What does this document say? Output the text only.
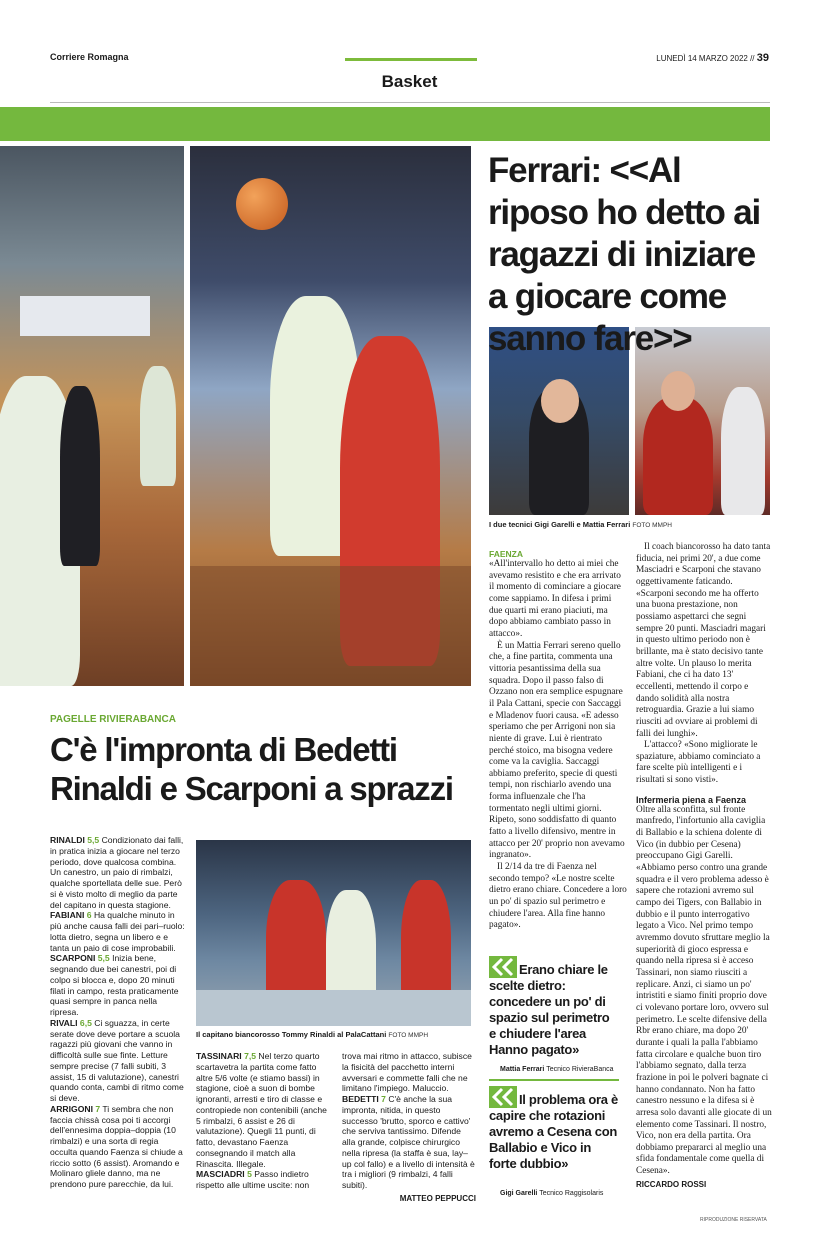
Corriere Romagna	LUNEDÌ 14 MARZO 2022 // 39
Basket
I due tecnici Gigi Garelli e Mattia Ferrari FOTO MMPH
Il capitano biancorosso Tommy Rinaldi al PalaCattani FOTO MMPH
Ferrari: <<Al riposo ho detto ai ragazzi di iniziare a giocare come sanno fare>>
FAENZA

«All'intervallo ho detto ai miei che avevamo resistito e che era arrivato il momento di cominciare a giocare come sappiamo. In difesa i primi due quarti mi erano piaciuti, ma dopo abbiamo cambiato passo in attacco».

È un Mattia Ferrari sereno quello che, a fine partita, commenta una vittoria pesantissima della sua squadra. Dopo il passo falso di Ozzano non era semplice espugnare il Pala Cattani, specie con Saccaggi e Mladenov fuori causa. «E adesso speriamo che per Arrigoni non sia niente di grave. Lui è rientrato perché stoico, ma bisogna vedere come va la caviglia. Saccaggi abbiamo preferito, specie di questi tempi, non rischiarlo avendo una forma influenzale che l'ha tormentato negli ultimi giorni. Ripeto, sono soddisfatto di quanto fatto a livello difensivo, mentre in attacco per 20' proprio non avevamo ingranato».

Il 2/14 da tre di Faenza nel secondo tempo? «Le nostre scelte dietro erano chiare. Concedere a loro un po' di spazio sul perimetro e chiudere l'area. Alla fine hanno pagato».

Erano chiare le scelte dietro: concedere un po' di spazio sul perimetro e chiudere l'area Hanno pagato»
Mattia Ferrari Tecnico RivieraBanca
Il problema ora è capire che rotazioni avremo a Cesena con Ballabio e Vico in forte dubbio»
Gigi Garelli Tecnico Raggisolaris

Il coach biancorosso ha dato tanta fiducia, nei primi 20', a due come Masciadri e Scarponi che stavano oggettivamente faticando. «Scarponi secondo me ha offerto una buona prestazione, non possiamo aspettarci che segni sempre 20 punti. Masciadri magari in questo ultimo periodo non è brillante, ma è stato decisivo tante altre volte. Un plauso lo merita Fabiani, che ci ha dato 13' eccellenti, mettendo il corpo e dando solidità alla nostra retroguardia. Grazie a lui siamo riusciti ad ovviare ai problemi di falli dei lunghi».

L'attacco? «Sono migliorate le spaziature, abbiamo cominciato a fare scelte più intelligenti e i risultati si sono visti».

Infermeria piena a Faenza

Oltre alla sconfitta, sul fronte manfredo, l'infortunio alla caviglia di Ballabio e la schiena dolente di Vico (in dubbio per Cesena) preoccupano Gigi Garelli. «Abbiamo perso contro una grande squadra e il vero problema adesso è sapere che rotazioni avremo sul campo dei Tigers, con Ballabio in dubbio e il punto interrogativo legato a Vico. Nel primo tempo avremmo dovuto sfruttare meglio la superiorità di gioco espressa e quando nella ripresa si è acceso Tassinari, non siamo riusciti a replicare. Anzi, ci siamo un po' intristiti e siamo finiti proprio dove ci volevano portare loro, ovvero sul perimetro. Le scelte difensive della Rbr erano chiare, ma dopo 20' durante i quali la palla l'abbiamo fatta circolare e qualche buon tiro l'abbiamo segnato, dalla terza frazione in poi le polveri bagnate ci hanno condannato. Non ha fatto canestro nessuno e la difesa si è arresa solo davanti alle giocate di un elemento come Tassinari. Il nostro, Vico, non era della partita. Ora dobbiamo prepararci al meglio una sfida fondamentale come quella di Cesena».

RICCARDO ROSSI
PAGELLE RIVIERABANCA
C'è l'impronta di Bedetti Rinaldi e Scarponi a sprazzi

RINALDI 5,5 Condizionato dai falli, in pratica inizia a giocare nel terzo periodo, dove qualcosa combina. Un canestro, un paio di rimbalzi, qualche sportellata delle sue. Però si è visto molto di meglio da parte del capitano in questa stagione.

FABIANI 6 Ha qualche minuto in più anche causa falli dei pari–ruolo: lotta dietro, segna un libero e e tanta un paio di cose improbabili.

SCARPONI 5,5 Inizia bene, segnando due bei canestri, poi di colpo si blocca e, dopo 20 minuti filati in campo, resta praticamente quasi sempre in panca nella ripresa.

RIVALI 6,5 Ci sguazza, in certe serate dove deve portare a scuola ragazzi più giovani che vanno in difficoltà sulle sue finte. Letture sempre precise (7 falli subiti, 3 assist, 15 di valutazione), canestri quando conta, cambi di ritmo come si deve.

ARRIGONI 7 Ti sembra che non faccia chissà cosa poi ti accorgi dell'ennesima doppia–doppia (10 rimbalzi) e una sorta di regia occulta quando Faenza si chiude a riccio sotto (6 assist). Aromando e Molinaro gliele danno, ma ne prendono pure parecchie, da lui.

TASSINARI 7,5 Nel terzo quarto scartavetra la partita come fatto altre 5/6 volte (e stiamo bassi) in stagione, cioè a suon di bombe ignoranti, arresti e tiro di classe e contropiede non contenibili (anche 5 rimbalzi, 6 assist e 26 di valutazione). Quegli 11 punti, di fatto, devastano Faenza consegnando il match alla Rinascita. Illegale.

MASCIADRI 5 Passo indietro rispetto alle ultime uscite: non

trova mai ritmo in attacco, subisce la fisicità del pacchetto interni avversari e commette falli che ne limitano l'impiego. Maluccio.

BEDETTI 7 C'è anche la sua impronta, nitida, in questo successo 'brutto, sporco e cattivo' che serviva tantissimo. Difende alla grande, colpisce chirurgico nella ripresa (la staffa è sua, lay–up col fallo) e a livello di intensità è tra i migliori (9 rimbalzi, 4 falli subiti).

MATTEO PEPPUCCI
RIPRODUZIONE RISERVATA
